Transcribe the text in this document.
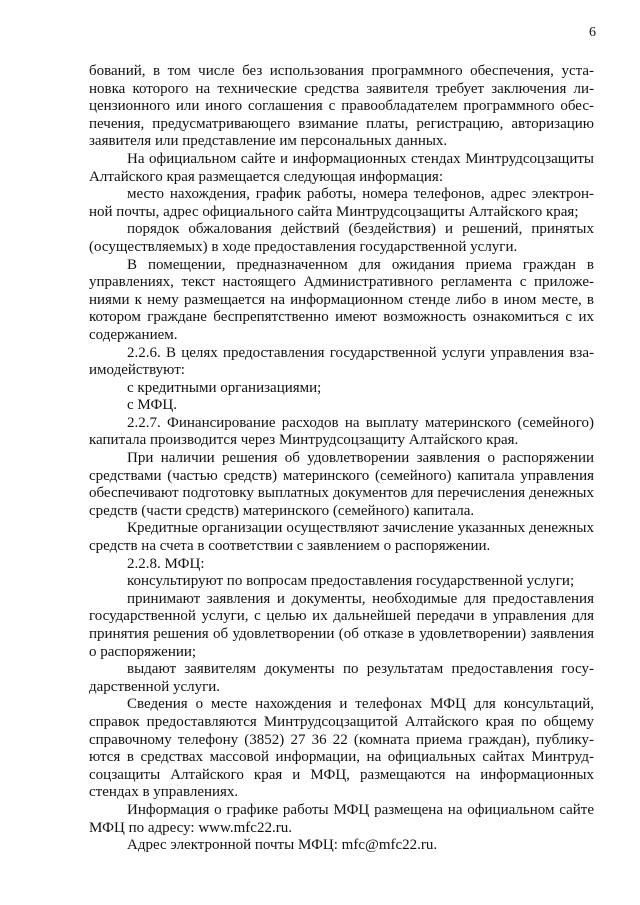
6

бований, в том числе без использования программного обеспечения, установка которого на технические средства заявителя требует заключения лицензионного или иного соглашения с правообладателем программного обеспечения, предусматривающего взимание платы, регистрацию, авторизацию заявителя или представление им персональных данных.

На официальном сайте и информационных стендах Минтрудсоцзащиты Алтайского края размещается следующая информация:

место нахождения, график работы, номера телефонов, адрес электронной почты, адрес официального сайта Минтрудсоцзащиты Алтайского края;

порядок обжалования действий (бездействия) и решений, принятых (осуществляемых) в ходе предоставления государственной услуги.

В помещении, предназначенном для ожидания приема граждан в управлениях, текст настоящего Административного регламента с приложениями к нему размещается на информационном стенде либо в ином месте, в котором граждане беспрепятственно имеют возможность ознакомиться с их содержанием.

2.2.6. В целях предоставления государственной услуги управления взаимодействуют:

с кредитными организациями;

с МФЦ.

2.2.7. Финансирование расходов на выплату материнского (семейного) капитала производится через Минтрудсоцзащиту Алтайского края.

При наличии решения об удовлетворении заявления о распоряжении средствами (частью средств) материнского (семейного) капитала управления обеспечивают подготовку выплатных документов для перечисления денежных средств (части средств) материнского (семейного) капитала.

Кредитные организации осуществляют зачисление указанных денежных средств на счета в соответствии с заявлением о распоряжении.

2.2.8. МФЦ:

консультируют по вопросам предоставления государственной услуги;

принимают заявления и документы, необходимые для предоставления государственной услуги, с целью их дальнейшей передачи в управления для принятия решения об удовлетворении (об отказе в удовлетворении) заявления о распоряжении;

выдают заявителям документы по результатам предоставления государственной услуги.

Сведения о месте нахождения и телефонах МФЦ для консультаций, справок предоставляются Минтрудсоцзащитой Алтайского края по общему справочному телефону (3852) 27 36 22 (комната приема граждан), публикуются в средствах массовой информации, на официальных сайтах Минтрудсоцзащиты Алтайского края и МФЦ, размещаются на информационных стендах в управлениях.

Информация о графике работы МФЦ размещена на официальном сайте МФЦ по адресу: www.mfc22.ru.

Адрес электронной почты МФЦ: mfc@mfc22.ru.
